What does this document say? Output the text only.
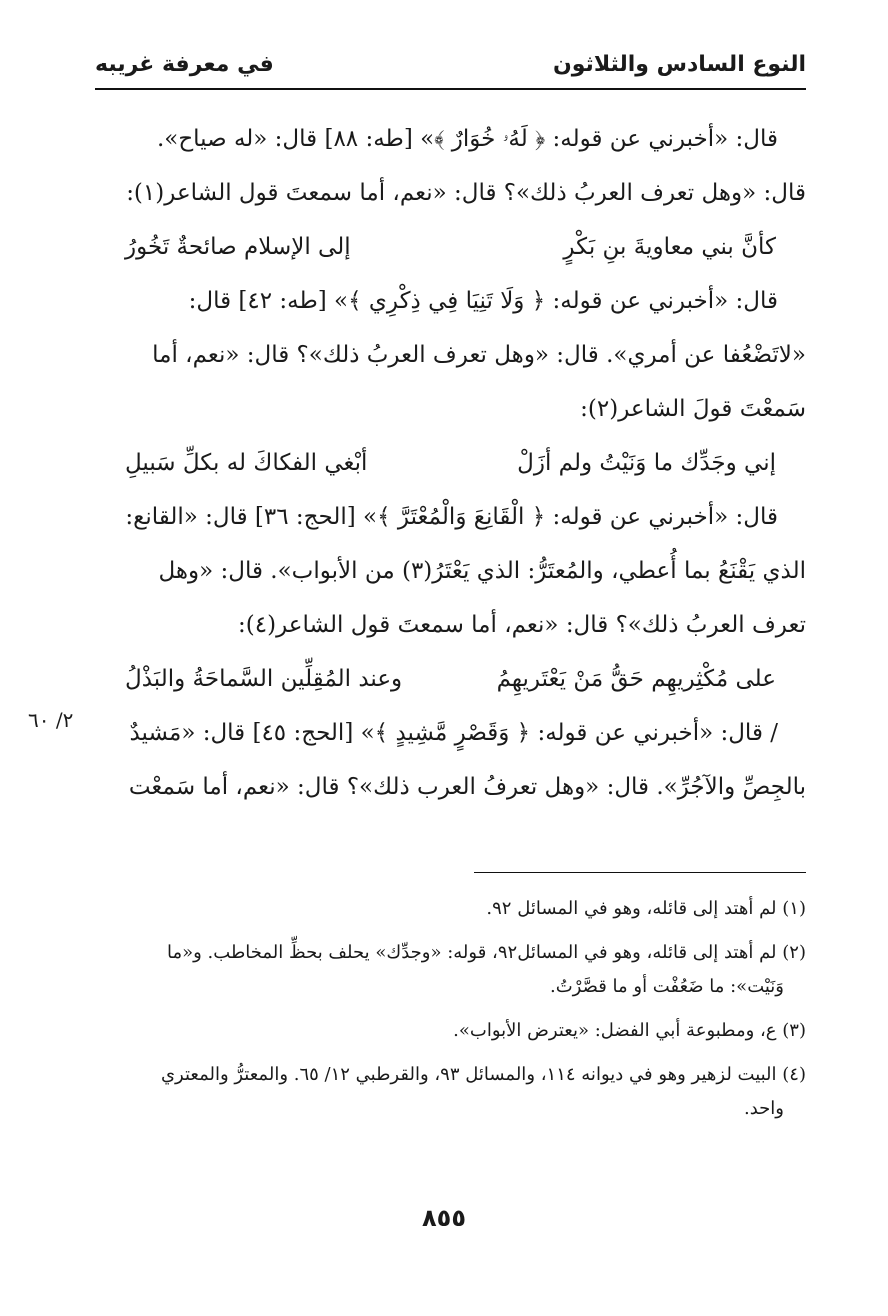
في معرفة غريبه	النوع السادس والثلاثون
قال: «أخبرني عن قوله: ﴿ لَهُۥ خُوَارٌ ﴾» [طه: ٨٨] قال: «له صياح».
قال: «وهل تعرف العربُ ذلك»؟ قال: «نعم، أما سمعتَ قول الشاعر(١):
كأنَّ بني معاويةَ بنِ بَكْرٍ
إلى الإسلام صائحةٌ تَخُورُ
قال: «أخبرني عن قوله: ﴿ وَلَا تَنِيَا فِي ذِكْرِي ﴾» [طه: ٤٢] قال:
«لاتَضْعُفا عن أمري». قال: «وهل تعرف العربُ ذلك»؟ قال: «نعم، أما
سَمعْتَ قولَ الشاعر(٢):
إني وجَدِّك ما وَنَيْتُ ولم أزَلْ
أبْغي الفكاكَ له بكلِّ سَبيلِ
قال: «أخبرني عن قوله: ﴿ الْقَانِعَ وَالْمُعْتَرَّ ﴾» [الحج: ٣٦] قال: «القانع:
الذي يَقْنَعُ بما أُعطي، والمُعتَرُّ: الذي يَعْتَرُ(٣) من الأبواب». قال: «وهل
تعرف العربُ ذلك»؟ قال: «نعم، أما سمعتَ قول الشاعر(٤):
على مُكْثِريهِم حَقُّ مَنْ يَعْتَريهِمُ
وعند المُقِلِّين السَّماحَةُ والبَذْلُ
/ قال: «أخبرني عن قوله: ﴿ وَقَصْرٍ مَّشِيدٍ ﴾» [الحج: ٤٥] قال: «مَشيدٌ
بالجِصِّ والآجُرِّ». قال: «وهل تعرفُ العرب ذلك»؟ قال: «نعم، أما سَمعْت
٢/ ٦٠
(١) لم أهتد إلى قائله، وهو في المسائل ٩٢.
(٢) لم أهتد إلى قائله، وهو في المسائل٩٢، قوله: «وجدِّك» يحلف بحظِّ المخاطب. و«ما
وَنَيْت»: ما ضَعُفْت أو ما قصَّرْتُ.
(٣) ع، ومطبوعة أبي الفضل: «يعترض الأبواب».
(٤) البيت لزهير وهو في ديوانه ١١٤، والمسائل ٩٣، والقرطبي ١٢/ ٦٥. والمعترُّ والمعتري
واحد.
٨٥٥
